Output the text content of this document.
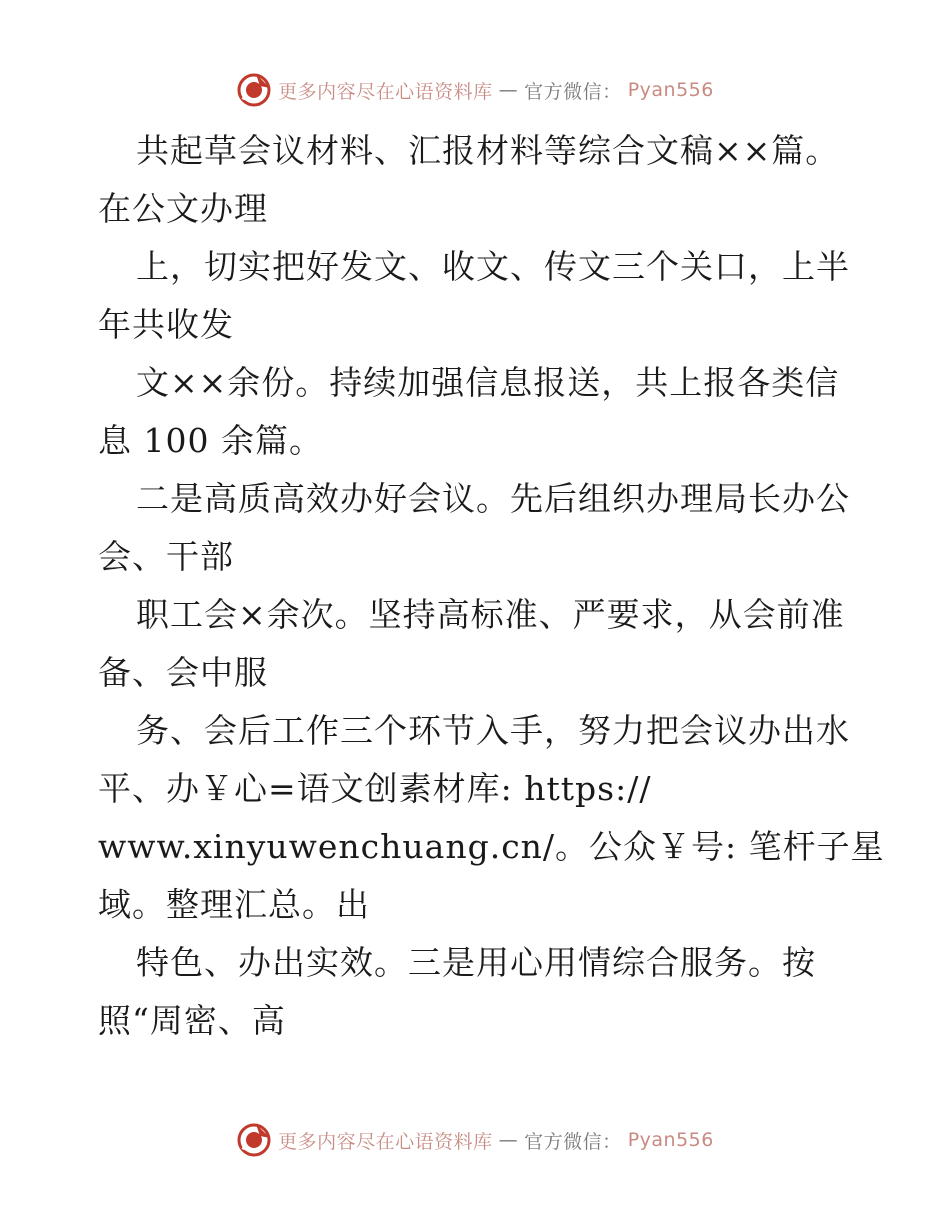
更多内容尽在心语资料库 — 官方微信： Pyan556
共起草会议材料、汇报材料等综合文稿××篇。
在公文办理
上，切实把好发文、收文、传文三个关口，上半
年共收发
文××余份。持续加强信息报送，共上报各类信
息 100 余篇。
二是高质高效办好会议。先后组织办理局长办公
会、干部
职工会×余次。坚持高标准、严要求，从会前准
备、会中服
务、会后工作三个环节入手，努力把会议办出水
平、办￥心=语文创素材库: https://
www.xinyuwenchuang.cn/。公众￥号: 笔杆子星
域。整理汇总。出
特色、办出实效。三是用心用情综合服务。按
照“周密、高
更多内容尽在心语资料库 — 官方微信： Pyan556
